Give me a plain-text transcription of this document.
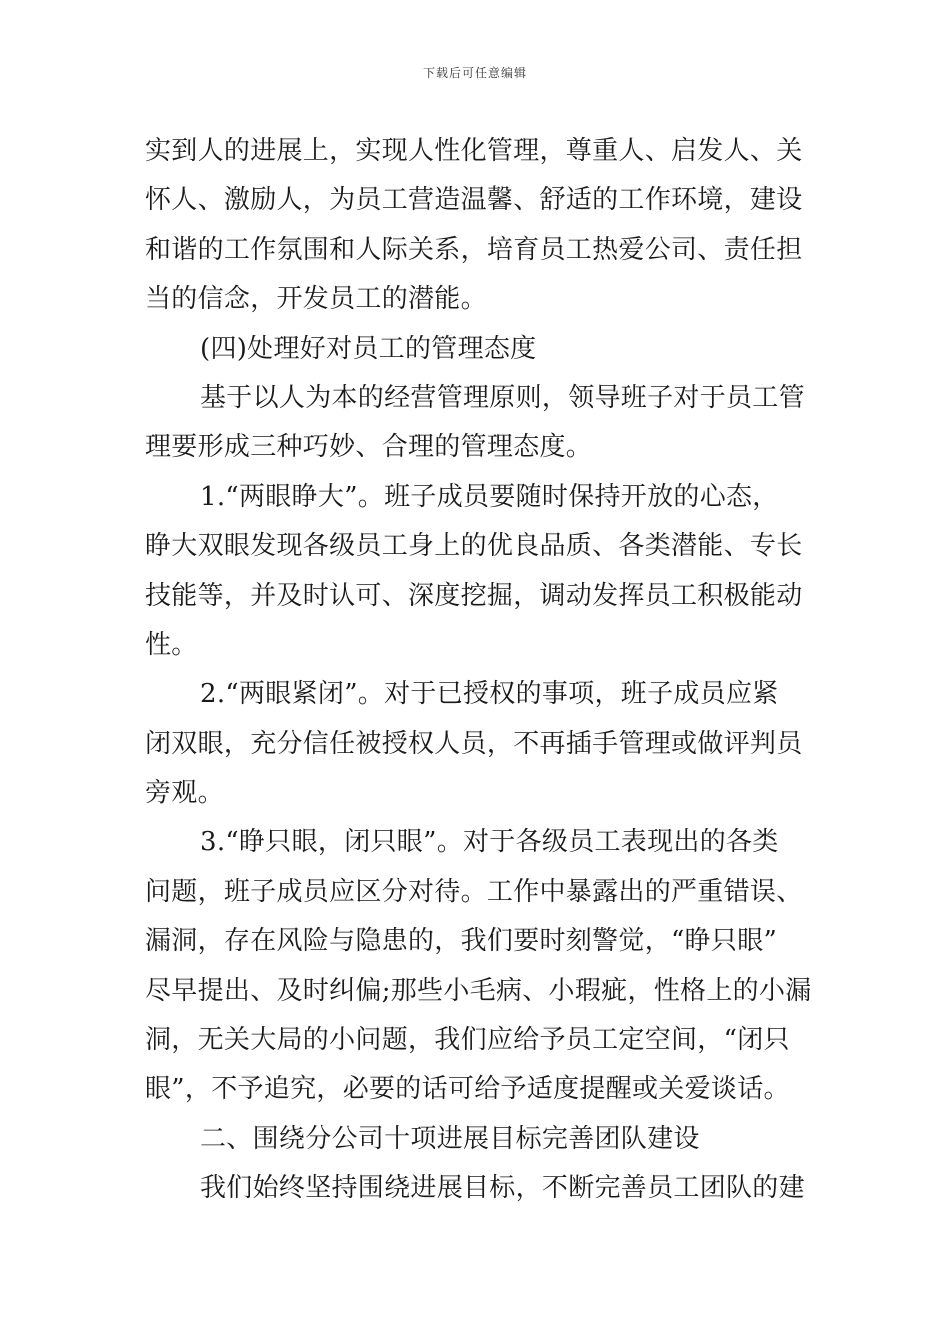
下载后可任意编辑
实到人的进展上，实现人性化管理，尊重人、启发人、关
怀人、激励人，为员工营造温馨、舒适的工作环境，建设
和谐的工作氛围和人际关系，培育员工热爱公司、责任担
当的信念，开发员工的潜能。
(四)处理好对员工的管理态度
基于以人为本的经营管理原则，领导班子对于员工管
理要形成三种巧妙、合理的管理态度。
1.“两眼睁大”。班子成员要随时保持开放的心态，
睁大双眼发现各级员工身上的优良品质、各类潜能、专长
技能等，并及时认可、深度挖掘，调动发挥员工积极能动
性。
2.“两眼紧闭”。对于已授权的事项，班子成员应紧
闭双眼，充分信任被授权人员，不再插手管理或做评判员
旁观。
3.“睁只眼，闭只眼”。对于各级员工表现出的各类
问题，班子成员应区分对待。工作中暴露出的严重错误、
漏洞，存在风险与隐患的，我们要时刻警觉，“睁只眼”
尽早提出、及时纠偏;那些小毛病、小瑕疵，性格上的小漏
洞，无关大局的小问题，我们应给予员工定空间，“闭只
眼”，不予追究，必要的话可给予适度提醒或关爱谈话。
二、围绕分公司十项进展目标完善团队建设
我们始终坚持围绕进展目标，不断完善员工团队的建
